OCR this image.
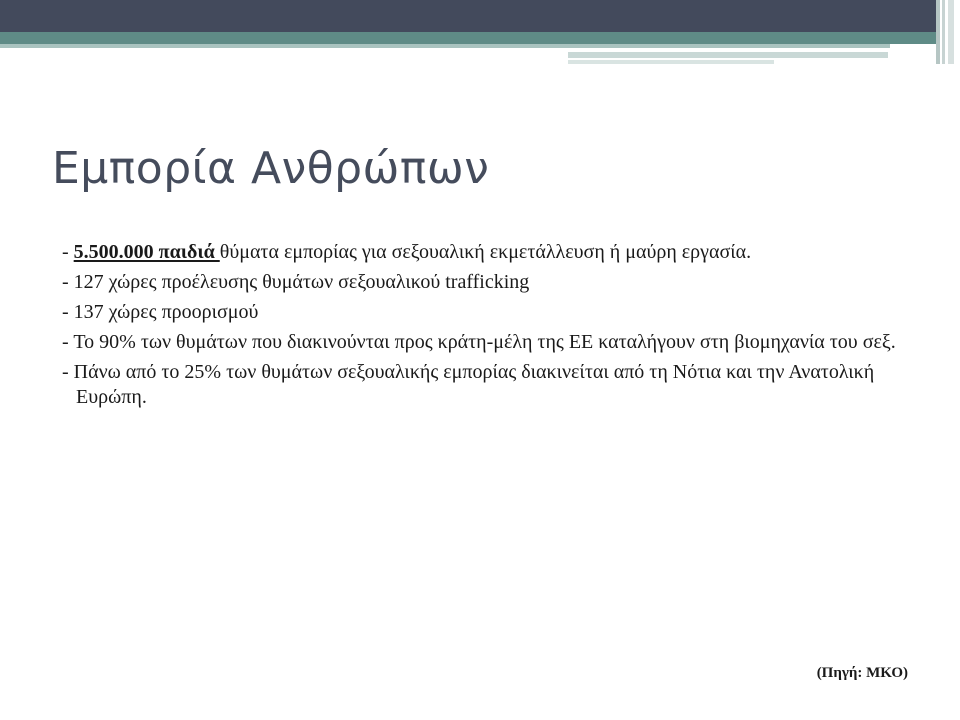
Εμπορία Ανθρώπων
- 5.500.000 παιδιά θύματα εμπορίας για σεξουαλική εκμετάλλευση ή μαύρη εργασία.
- 127 χώρες προέλευσης θυμάτων σεξουαλικού trafficking
- 137 χώρες προορισμού
- Το 90% των θυμάτων που διακινούνται προς κράτη-μέλη της ΕΕ καταλήγουν στη βιομηχανία του σεξ.
- Πάνω από το 25% των θυμάτων σεξουαλικής εμπορίας διακινείται από τη Νότια και την Ανατολική Ευρώπη.
(Πηγή: ΜΚΟ)
